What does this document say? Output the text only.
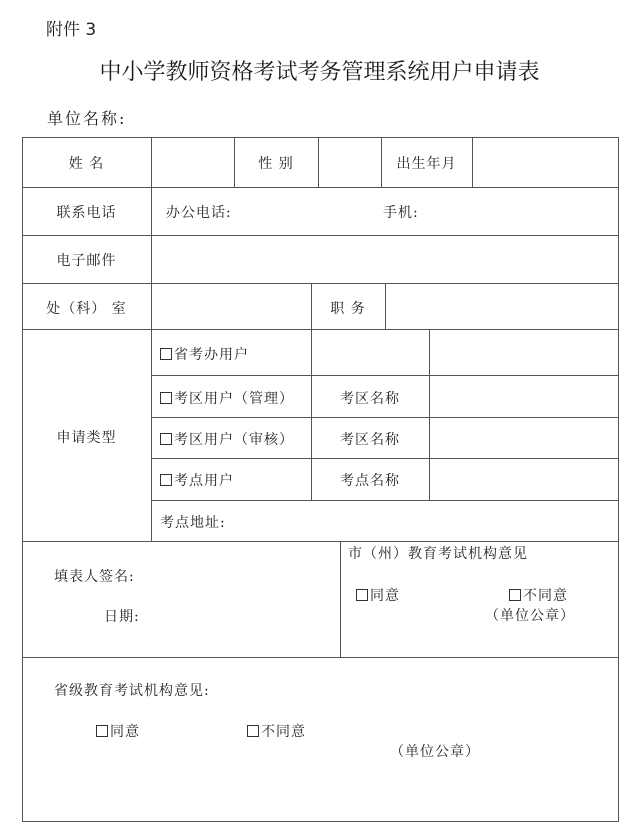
附件 3
中小学教师资格考试考务管理系统用户申请表
单位名称:
姓 名	性 别	出生年月
联系电话	办公电话:	手机:
电子邮件
处（科） 室	职 务
申请类型
省考办用户
考区用户（管理）	考区名称
考区用户（审核）	考区名称
考点用户	考点名称
考点地址:
填表人签名:
日期:
市（州）教育考试机构意见
同意	不同意
（单位公章）
省级教育考试机构意见:
同意	不同意
（单位公章）
